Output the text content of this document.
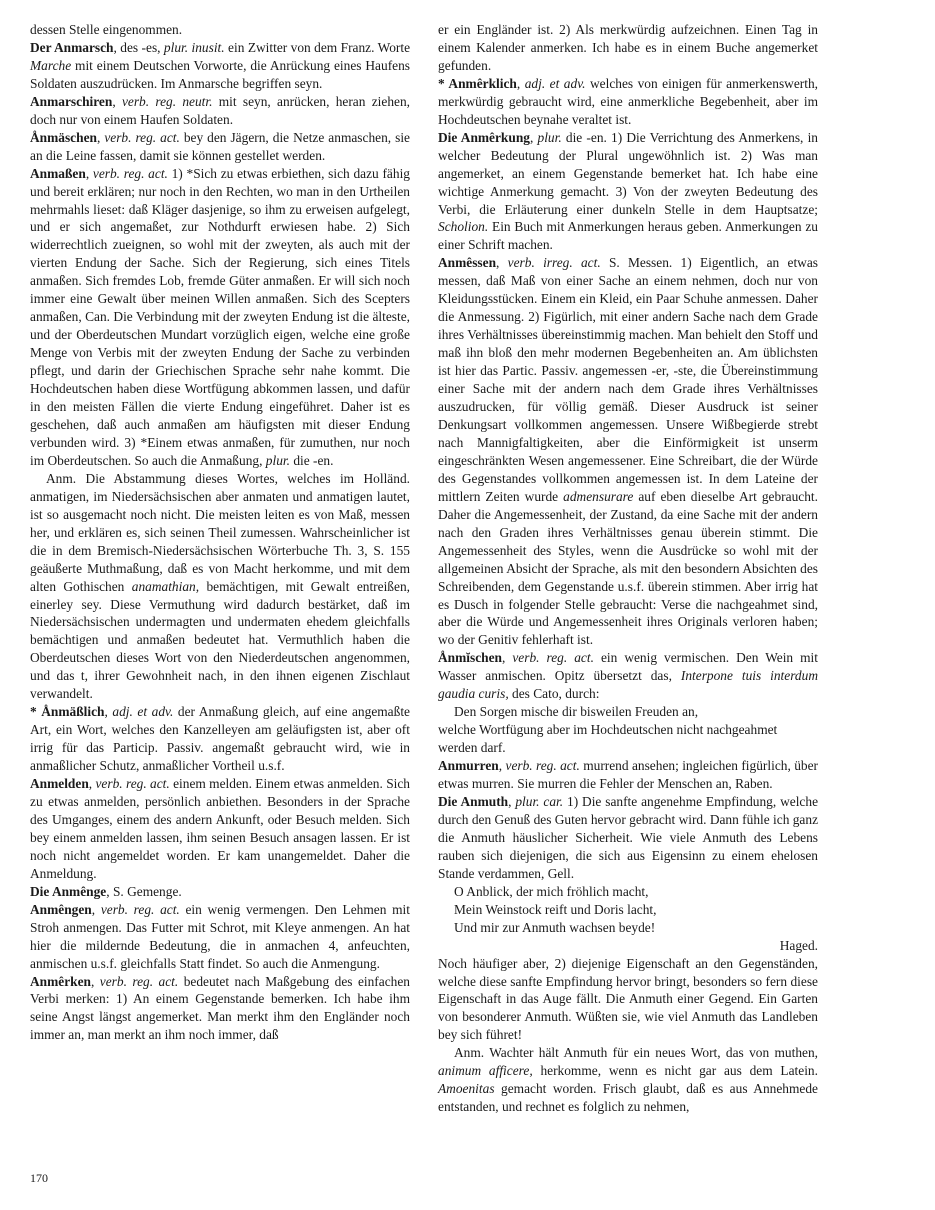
dessen Stelle eingenommen.

Der Anmarsch, des -es, plur. inusit. ein Zwitter von dem Franz. Worte Marche mit einem Deutschen Vorworte, die Anrückung eines Haufens Soldaten auszudrücken. Im Anmarsche begriffen seyn.

Anmarschiren, verb. reg. neutr. mit seyn, anrücken, heran ziehen, doch nur von einem Haufen Soldaten.

Ånmäschen, verb. reg. act. bey den Jägern, die Netze anmaschen, sie an die Leine fassen, damit sie können gestellet werden.

Anmaßen, verb. reg. act. 1) *Sich zu etwas erbiethen, sich dazu fähig und bereit erklären; nur noch in den Rechten, wo man in den Urtheilen mehrmahls lieset: daß Kläger dasjenige, so ihm zu erweisen aufgelegt, und er sich angemaßet, zur Nothdurft erwiesen habe. 2) Sich widerrechtlich zueignen, so wohl mit der zweyten, als auch mit der vierten Endung der Sache. Sich der Regierung, sich eines Titels anmaßen. Sich fremdes Lob, fremde Güter anmaßen. Er will sich noch immer eine Gewalt über meinen Willen anmaßen. Sich des Scepters anmaßen, Can. Die Verbindung mit der zweyten Endung ist die älteste, und der Oberdeutschen Mundart vorzüglich eigen, welche eine große Menge von Verbis mit der zweyten Endung der Sache zu verbinden pflegt, und darin der Griechischen Sprache sehr nahe kommt. Die Hochdeutschen haben diese Wortfügung abkommen lassen, und dafür in den meisten Fällen die vierte Endung eingeführet. Daher ist es geschehen, daß auch anmaßen am häufigsten mit dieser Endung verbunden wird. 3) *Einem etwas anmaßen, für zumuthen, nur noch im Oberdeutschen. So auch die Anmaßung, plur. die -en.

Anm. Die Abstammung dieses Wortes, welches im Holländ. anmatigen, im Niedersächsischen aber anmaten und anmatigen lautet, ist so ausgemacht noch nicht. Die meisten leiten es von Maß, messen her, und erklären es, sich seinen Theil zumessen. Wahrscheinlicher ist die in dem Bremisch-Niedersächsischen Wörterbuche Th. 3, S. 155 geäußerte Muthmaßung, daß es von Macht herkomme, und mit dem alten Gothischen anamathian, bemächtigen, mit Gewalt entreißen, einerley sey. Diese Vermuthung wird dadurch bestärket, daß im Niedersächsischen undermagten und undermaten ehedem gleichfalls bemächtigen und anmaßen bedeutet hat. Vermuthlich haben die Oberdeutschen dieses Wort von den Niederdeutschen angenommen, und das t, ihrer Gewohnheit nach, in den ihnen eigenen Zischlaut verwandelt.

* Ånmäßlich, adj. et adv. der Anmaßung gleich, auf eine angemaßte Art, ein Wort, welches den Kanzelleyen am geläufigsten ist, aber oft irrig für das Particip. Passiv. angemaßt gebraucht wird, wie in anmaßlicher Schutz, anmaßlicher Vortheil u.s.f.

Anmelden, verb. reg. act. einem melden. Einem etwas anmelden. Sich zu etwas anmelden, persönlich anbiethen. Besonders in der Sprache des Umganges, einem des andern Ankunft, oder Besuch melden. Sich bey einem anmelden lassen, ihm seinen Besuch ansagen lassen. Er ist noch nicht angemeldet worden. Er kam unangemeldet. Daher die Anmeldung.

Die Anmênge, S. Gemenge.

Anmêngen, verb. reg. act. ein wenig vermengen. Den Lehmen mit Stroh anmengen. Das Futter mit Schrot, mit Kleye anmengen. An hat hier die mildernde Bedeutung, die in anmachen 4, anfeuchten, anmischen u.s.f. gleichfalls Statt findet. So auch die Anmengung.

Anmêrken, verb. reg. act. bedeutet nach Maßgebung des einfachen Verbi merken: 1) An einem Gegenstande bemerken. Ich habe ihm seine Angst längst angemerket. Man merkt ihm den Engländer noch immer an, man merkt an ihm noch immer, daß

er ein Engländer ist. 2) Als merkwürdig aufzeichnen. Einen Tag in einem Kalender anmerken. Ich habe es in einem Buche angemerket gefunden.

* Anmêrklich, adj. et adv. welches von einigen für anmerkenswerth, merkwürdig gebraucht wird, eine anmerkliche Begebenheit, aber im Hochdeutschen beynahe veraltet ist.

Die Anmêrkung, plur. die -en. 1) Die Verrichtung des Anmerkens, in welcher Bedeutung der Plural ungewöhnlich ist. 2) Was man angemerket, an einem Gegenstande bemerket hat. Ich habe eine wichtige Anmerkung gemacht. 3) Von der zweyten Bedeutung des Verbi, die Erläuterung einer dunkeln Stelle in dem Hauptsatze; Scholion. Ein Buch mit Anmerkungen heraus geben. Anmerkungen zu einer Schrift machen.

Anmêssen, verb. irreg. act. S. Messen. 1) Eigentlich, an etwas messen, daß Maß von einer Sache an einem nehmen, doch nur von Kleidungsstücken. Einem ein Kleid, ein Paar Schuhe anmessen. Daher die Anmessung. 2) Figürlich, mit einer andern Sache nach dem Grade ihres Verhältnisses übereinstimmig machen. Man behielt den Stoff und maß ihn bloß den mehr modernen Begebenheiten an. Am üblichsten ist hier das Partic. Passiv. angemessen -er, -ste, die Übereinstimmung einer Sache mit der andern nach dem Grade ihres Verhältnisses auszudrucken, für völlig gemäß. Dieser Ausdruck ist seiner Denkungsart vollkommen angemessen. Unsere Wißbegierde strebt nach Mannigfaltigkeiten, aber die Einförmigkeit ist unserm eingeschränkten Wesen angemessener. Eine Schreibart, die der Würde des Gegenstandes vollkommen angemessen ist. In dem Lateine der mittlern Zeiten wurde admensurare auf eben dieselbe Art gebraucht. Daher die Angemessenheit, der Zustand, da eine Sache mit der andern nach den Graden ihres Verhältnisses genau überein stimmt. Die Angemessenheit des Styles, wenn die Ausdrücke so wohl mit der allgemeinen Absicht der Sprache, als mit den besondern Absichten des Schreibenden, dem Gegenstande u.s.f. überein stimmen. Aber irrig hat es Dusch in folgender Stelle gebraucht: Verse die nachgeahmet sind, aber die Würde und Angemessenheit ihres Originals verloren haben; wo der Genitiv fehlerhaft ist.

Ånmĭschen, verb. reg. act. ein wenig vermischen. Den Wein mit Wasser anmischen. Opitz übersetzt das, Interpone tuis interdum gaudia curis, des Cato, durch:

Den Sorgen mische dir bisweilen Freuden an,

welche Wortfügung aber im Hochdeutschen nicht nachgeahmet werden darf.

Anmurren, verb. reg. act. murrend ansehen; ingleichen figürlich, über etwas murren. Sie murren die Fehler der Menschen an, Raben.

Die Anmuth, plur. car. 1) Die sanfte angenehme Empfindung, welche durch den Genuß des Guten hervor gebracht wird. Dann fühle ich ganz die Anmuth häuslicher Sicherheit. Wie viele Anmuth des Lebens rauben sich diejenigen, die sich aus Eigensinn zu einem ehelosen Stande verdammen, Gell.

O Anblick, der mich fröhlich macht,

Mein Weinstock reift und Doris lacht,

Und mir zur Anmuth wachsen beyde!

Haged.

Noch häufiger aber, 2) diejenige Eigenschaft an den Gegenständen, welche diese sanfte Empfindung hervor bringt, besonders so fern diese Eigenschaft in das Auge fällt. Die Anmuth einer Gegend. Ein Garten von besonderer Anmuth. Wüßten sie, wie viel Anmuth das Landleben bey sich führet!

Anm. Wachter hält Anmuth für ein neues Wort, das von muthen, animum afficere, herkomme, wenn es nicht gar aus dem Latein. Amoenitas gemacht worden. Frisch glaubt, daß es aus Annehmede entstanden, und rechnet es folglich zu nehmen,

170
